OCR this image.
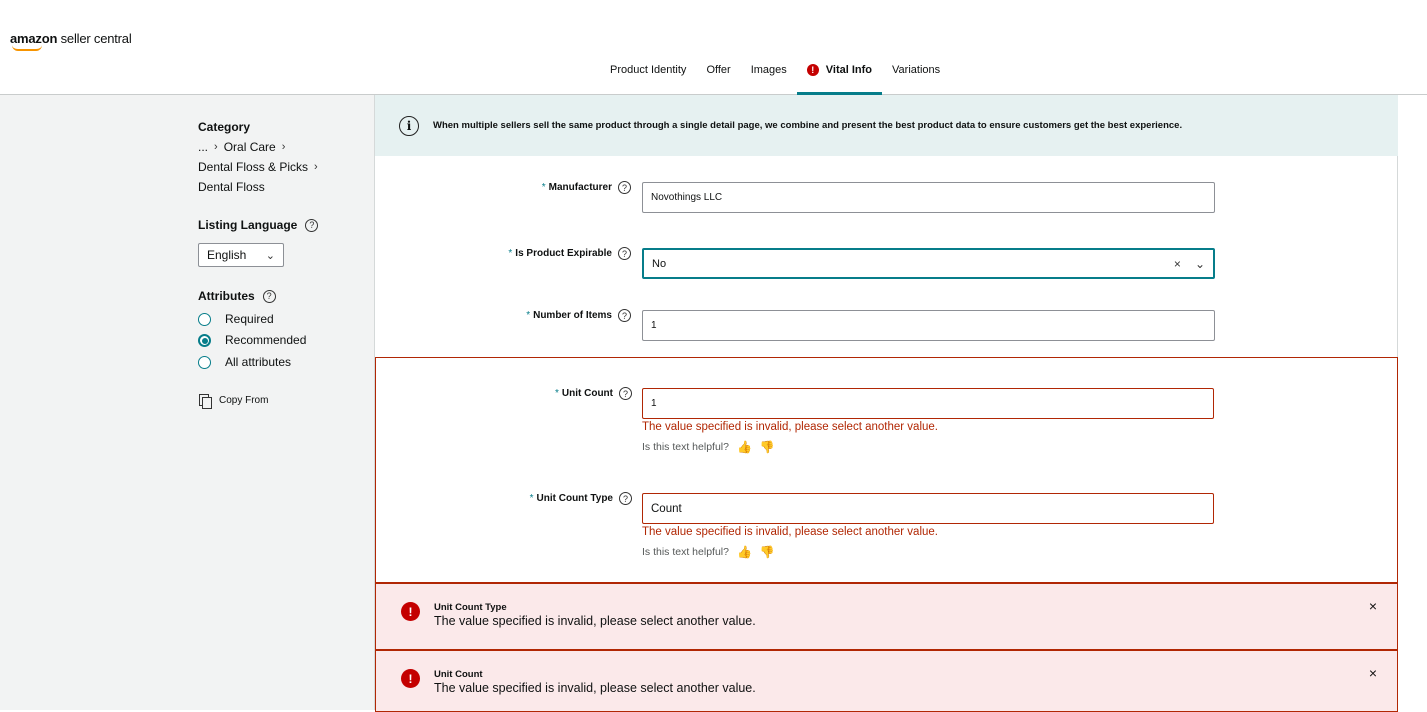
amazon seller central
Product Identity Offer Images	!	Vital Info Variations
Category
... › Oral Care ›
Dental Floss & Picks ›
Dental Floss
Listing Language	?
English ⌄
Attributes	?
Required
Recommended
All attributes
Copy From
i	When multiple sellers sell the same product through a single detail page, we combine and present the best product data to ensure customers get the best experience.
* Manufacturer	?
Novothings LLC
* Is Product Expirable	?
No	× ⌄
* Number of Items	?
1
* Unit Count	?
1
The value specified is invalid, please select another value.
Is this text helpful? 👍 👎
* Unit Count Type	?
Count
The value specified is invalid, please select another value.
Is this text helpful? 👍 👎
!	Unit Count Type
The value specified is invalid, please select another value.
×
!	Unit Count
The value specified is invalid, please select another value.
×
